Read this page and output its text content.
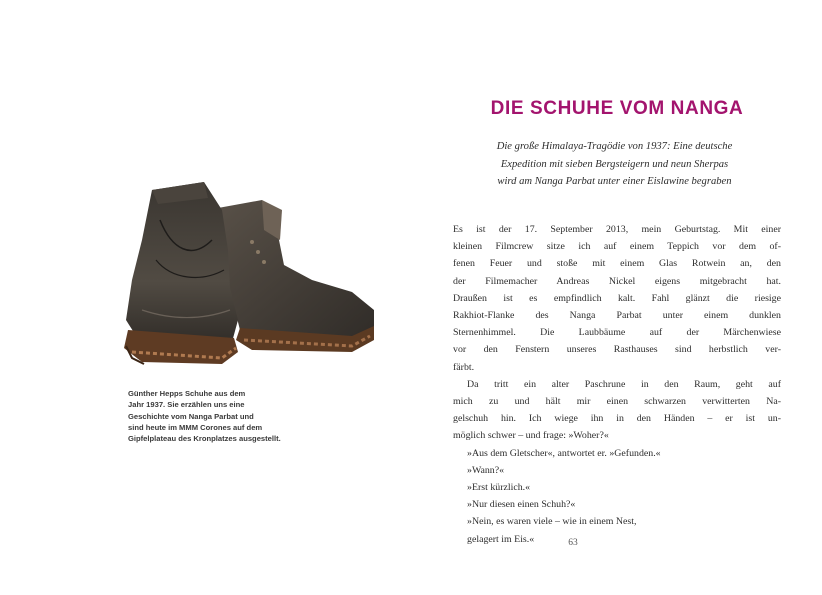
Günther Hepps Schuhe aus dem
Jahr 1937. Sie erzählen uns eine
Geschichte vom Nanga Parbat und
sind heute im MMM Corones auf dem
Gipfelplateau des Kronplatzes ausgestellt.
DIE SCHUHE VOM NANGA
Die große Himalaya-Tragödie von 1937: Eine deutsche
Expedition mit sieben Bergsteigern und neun Sherpas
wird am Nanga Parbat unter einer Eislawine begraben
Es ist der 17. September 2013, mein Geburtstag. Mit einer
kleinen Filmcrew sitze ich auf einem Teppich vor dem of-
fenen Feuer und stoße mit einem Glas Rotwein an, den
der Filmemacher Andreas Nickel eigens mitgebracht hat.
Draußen ist es empfindlich kalt. Fahl glänzt die riesige
Rakhiot-Flanke des Nanga Parbat unter einem dunklen
Sternenhimmel. Die Laubbäume auf der Märchenwiese
vor den Fenstern unseres Rasthauses sind herbstlich ver-
färbt.
Da tritt ein alter Paschrune in den Raum, geht auf
mich zu und hält mir einen schwarzen verwitterten Na-
gelschuh hin. Ich wiege ihn in den Händen – er ist un-
möglich schwer – und frage: »Woher?«
»Aus dem Gletscher«, antwortet er. »Gefunden.«
»Wann?«
»Erst kürzlich.«
»Nur diesen einen Schuh?«
»Nein, es waren viele – wie in einem Nest,
gelagert im Eis.«	63
